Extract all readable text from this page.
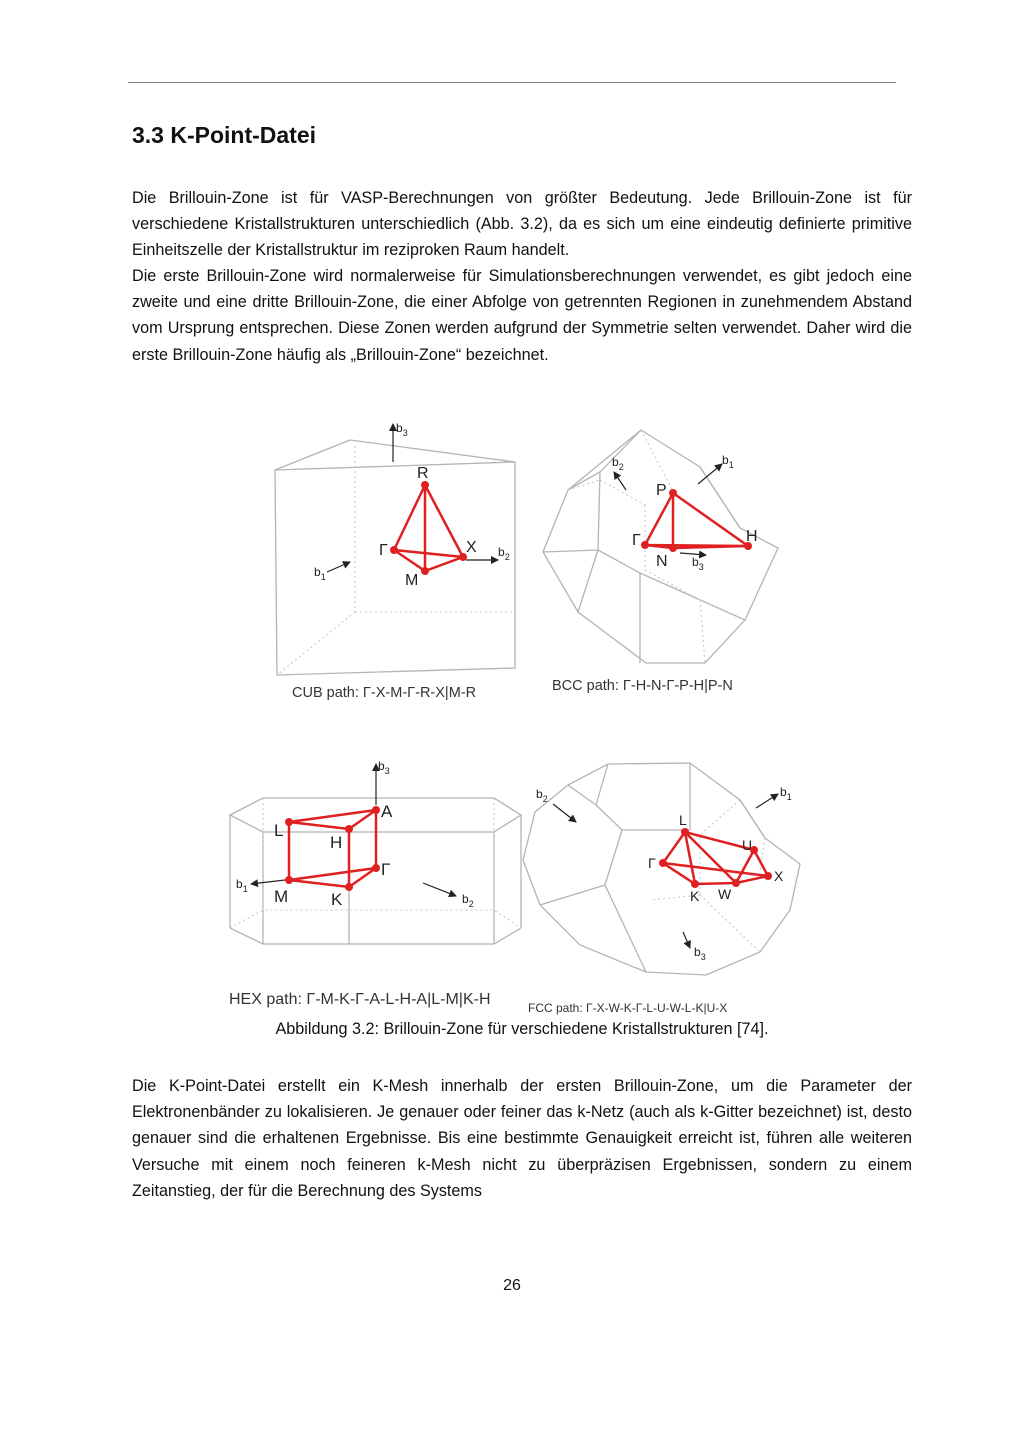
3.3 K-Point-Datei

Die Brillouin-Zone ist für VASP-Berechnungen von größter Bedeutung. Jede Brillouin-Zone ist für verschiedene Kristallstrukturen unterschiedlich (Abb. 3.2), da es sich um eine eindeutig definierte primitive Einheitszelle der Kristallstruktur im reziproken Raum handelt.

Die erste Brillouin-Zone wird normalerweise für Simulationsberechnungen verwendet, es gibt jedoch eine zweite und eine dritte Brillouin-Zone, die einer Abfolge von getrennten Regionen in zunehmendem Abstand vom Ursprung entsprechen. Diese Zonen werden aufgrund der Symmetrie selten verwendet. Daher wird die erste Brillouin-Zone häufig als „Brillouin-Zone“ bezeichnet.

R
Γ	X
M
$b_3$
$b_2$
$b_1$
CUB path: Γ-X-M-Γ-R-X|M-R
P
Γ
N
H
$b_1$
$b_2$
$b_3$
BCC path: Γ-H-N-Γ-P-H|P-N
A
L
H
Γ
M	K
$b_3$
$b_1$
$b_2$
HEX path: Γ-M-K-Γ-A-L-H-A|L-M|K-H
L
U
Γ
X
K W
$b_1$
$b_2$
$b_3$
FCC path: Γ-X-W-K-Γ-L-U-W-L-K|U-X

Abbildung 3.2: Brillouin-Zone für verschiedene Kristallstrukturen [74].

Die K-Point-Datei erstellt ein K-Mesh innerhalb der ersten Brillouin-Zone, um die Parameter der Elektronenbänder zu lokalisieren. Je genauer oder feiner das k-Netz (auch als k-Gitter bezeichnet) ist, desto genauer sind die erhaltenen Ergebnisse. Bis eine bestimmte Genauigkeit erreicht ist, führen alle weiteren Versuche mit einem noch feineren k-Mesh nicht zu überpräzisen Ergebnissen, sondern zu einem Zeitanstieg, der für die Berechnung des Systems

26
